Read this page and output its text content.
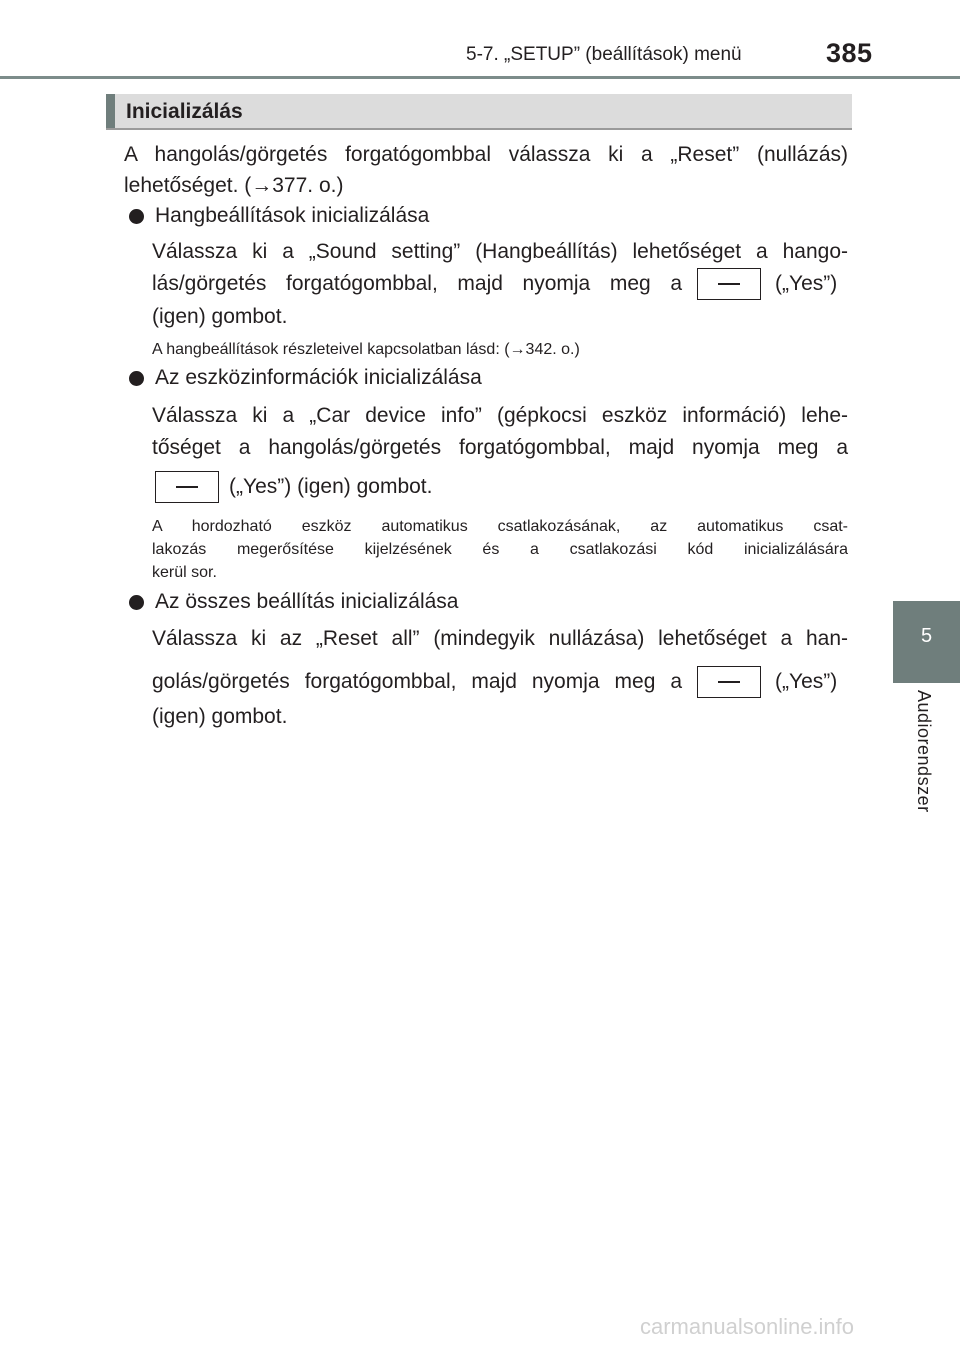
5-7. „SETUP” (beállítások) menü	385
5
Audiorendszer
Inicializálás
A hangolás/görgetés forgatógombbal válassza ki a „Reset” (nullázás)
lehetőséget. (→377. o.)
Hangbeállítások inicializálása
Válassza ki a „Sound setting” (Hangbeállítás) lehetőséget a hango-
lás/görgetés forgatógombbal, majd nyomja meg a	(„Yes”)
(igen) gombot.
A hangbeállítások részleteivel kapcsolatban lásd: (→342. o.)
Az eszközinformációk inicializálása
Válassza ki a „Car device info” (gépkocsi eszköz információ) lehe-
tőséget a hangolás/görgetés forgatógombbal, majd nyomja meg a
(„Yes”) (igen) gombot.
A hordozható eszköz automatikus csatlakozásának, az automatikus csat-
lakozás megerősítése kijelzésének és a csatlakozási kód inicializálására
kerül sor.
Az összes beállítás inicializálása
Válassza ki az „Reset all” (mindegyik nullázása) lehetőséget a han-
golás/görgetés forgatógombbal, majd nyomja meg a	(„Yes”)
(igen) gombot.
carmanualsonline.info
